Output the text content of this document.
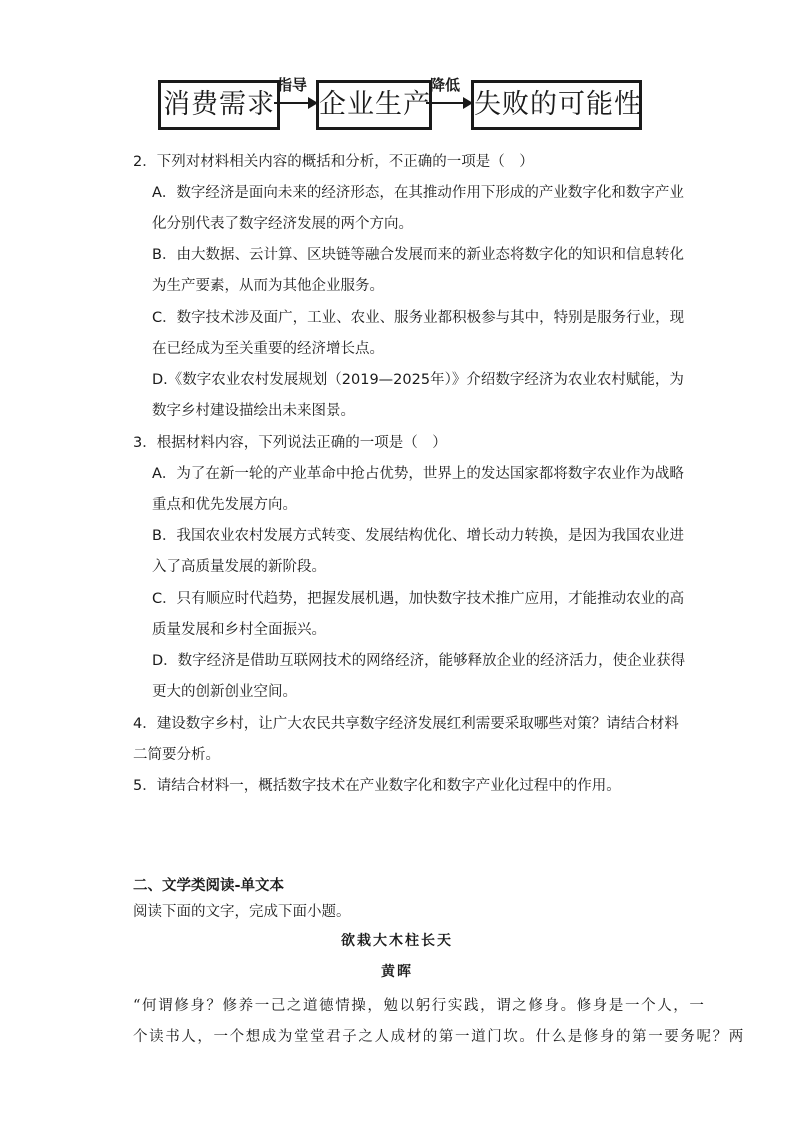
消费需求
指导
企业生产
降低
失败的可能性
2．下列对材料相关内容的概括和分析，不正确的一项是（　）
A．数字经济是面向未来的经济形态，在其推动作用下形成的产业数字化和数字产业
化分别代表了数字经济发展的两个方向。
B．由大数据、云计算、区块链等融合发展而来的新业态将数字化的知识和信息转化
为生产要素，从而为其他企业服务。
C．数字技术涉及面广，工业、农业、服务业都积极参与其中，特别是服务行业，现
在已经成为至关重要的经济增长点。
D.《数字农业农村发展规划（2019—2025年）》介绍数字经济为农业农村赋能，为
数字乡村建设描绘出未来图景。
3．根据材料内容，下列说法正确的一项是（　）
A．为了在新一轮的产业革命中抢占优势，世界上的发达国家都将数字农业作为战略
重点和优先发展方向。
B．我国农业农村发展方式转变、发展结构优化、增长动力转换，是因为我国农业进
入了高质量发展的新阶段。
C．只有顺应时代趋势，把握发展机遇，加快数字技术推广应用，才能推动农业的高
质量发展和乡村全面振兴。
D．数字经济是借助互联网技术的网络经济，能够释放企业的经济活力，使企业获得
更大的创新创业空间。
4．建设数字乡村，让广大农民共享数字经济发展红利需要采取哪些对策？请结合材料
二简要分析。
5．请结合材料一，概括数字技术在产业数字化和数字产业化过程中的作用。
二、文学类阅读-单文本
阅读下面的文字，完成下面小题。
欲栽大木柱长天
黄晖
“何谓修身？修养一己之道德情操，勉以躬行实践，谓之修身。修身是一个人，一
个读书人，一个想成为堂堂君子之人成材的第一道门坎。什么是修身的第一要务呢？两
